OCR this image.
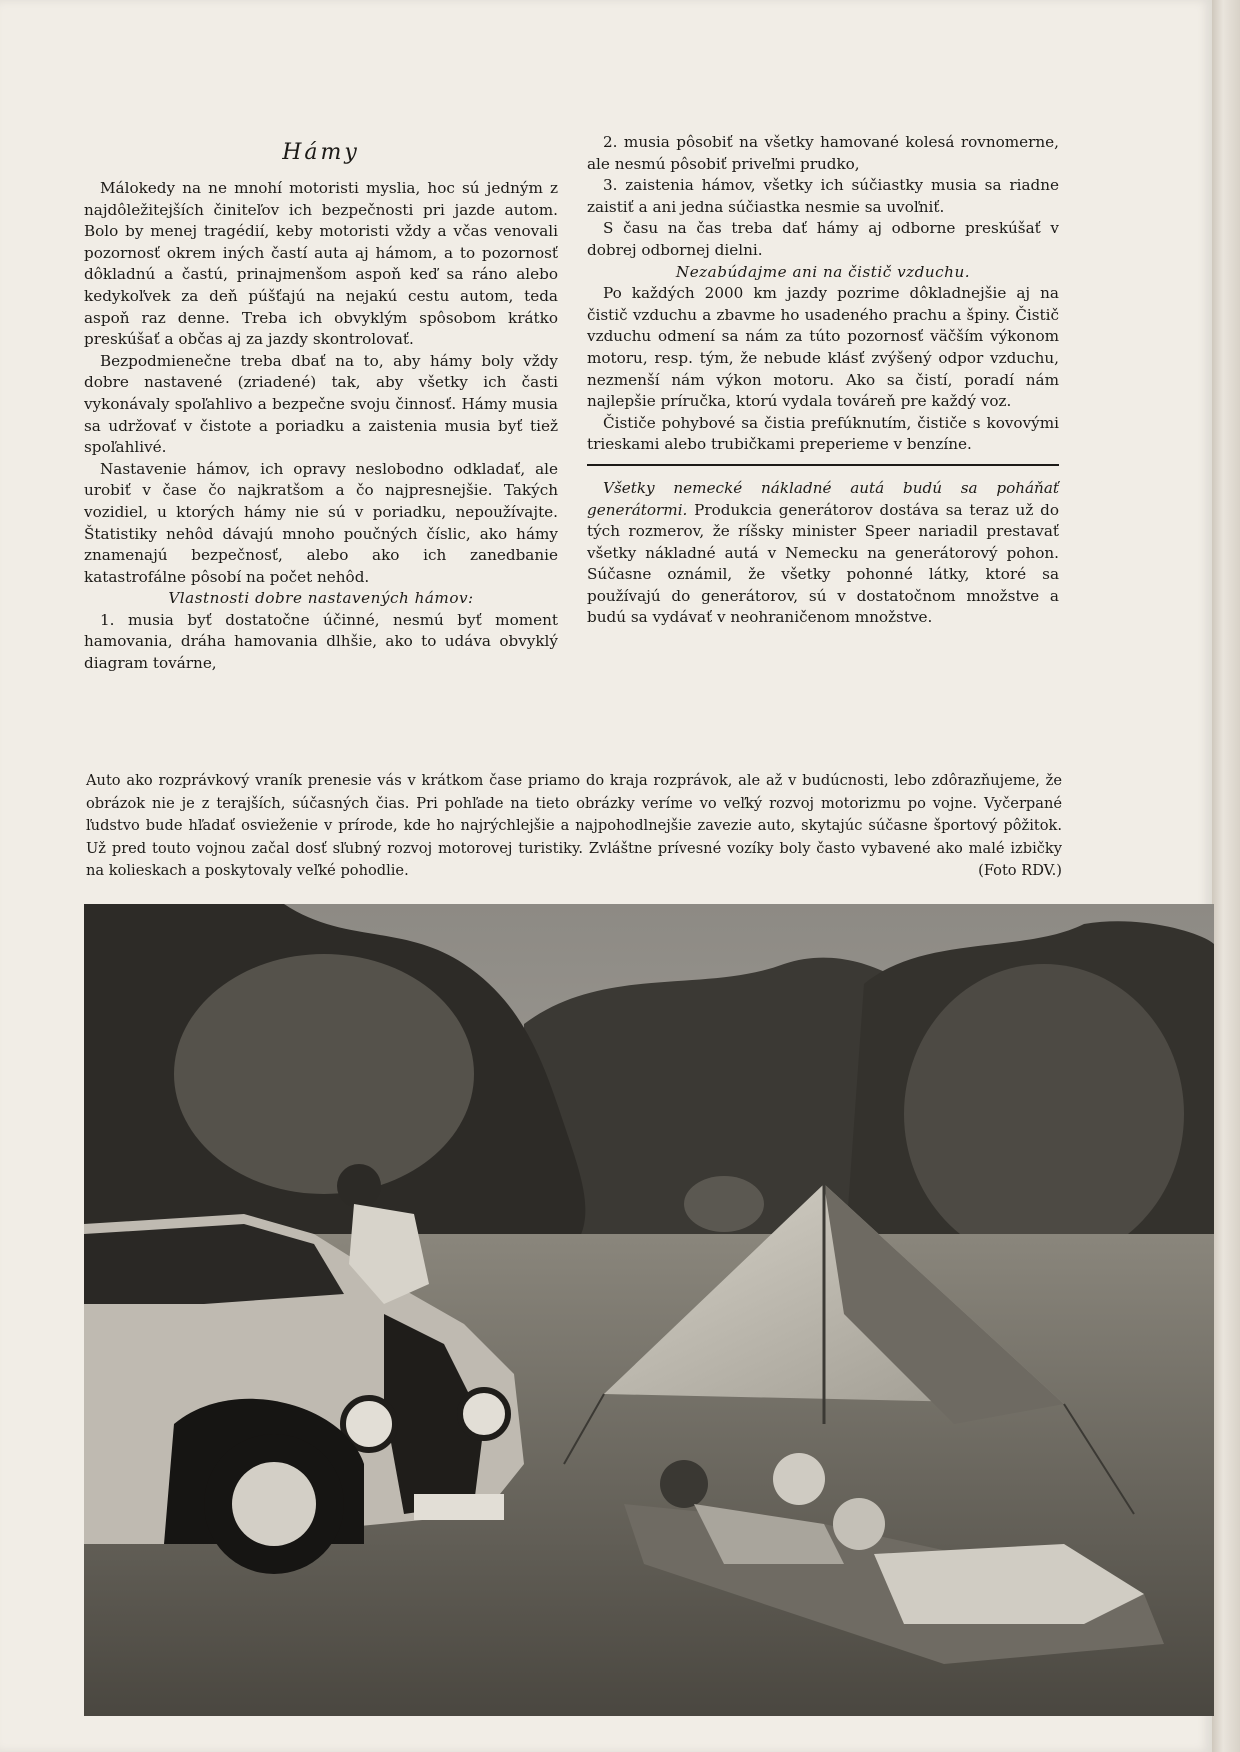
Hámy

Málokedy na ne mnohí motoristi myslia, hoc sú jedným z najdôležitejších činiteľov ich bezpečnosti pri jazde autom. Bolo by menej tragédií, keby motoristi vždy a včas venovali pozornosť okrem iných častí auta aj hámom, a to pozornosť dôkladnú a častú, prinajmenšom aspoň keď sa ráno alebo kedykoľvek za deň púšťajú na nejakú cestu autom, teda aspoň raz denne. Treba ich obvyklým spôsobom krátko preskúšať a občas aj za jazdy skontrolovať.

Bezpodmienečne treba dbať na to, aby hámy boly vždy dobre nastavené (zriadené) tak, aby všetky ich časti vykonávaly spoľahlivo a bezpečne svoju činnosť. Hámy musia sa udržovať v čistote a poriadku a zaistenia musia byť tiež spoľahlivé.

Nastavenie hámov, ich opravy neslobodno odkladať, ale urobiť v čase čo najkratšom a čo najpresnejšie. Takých vozidiel, u ktorých hámy nie sú v poriadku, nepoužívajte. Štatistiky nehôd dávajú mnoho poučných číslic, ako hámy znamenajú bezpečnosť, alebo ako ich zanedbanie katastrofálne pôsobí na počet nehôd.

Vlastnosti dobre nastavených hámov:

1. musia byť dostatočne účinné, nesmú byť moment hamovania, dráha hamovania dlhšie, ako to udáva obvyklý diagram továrne,

2. musia pôsobiť na všetky hamované kolesá rovnomerne, ale nesmú pôsobiť priveľmi prudko,

3. zaistenia hámov, všetky ich súčiastky musia sa riadne zaistiť a ani jedna súčiastka nesmie sa uvoľniť.

S času na čas treba dať hámy aj odborne preskúšať v dobrej odbornej dielni.

Nezabúdajme ani na čistič vzduchu.

Po každých 2000 km jazdy pozrime dôkladnejšie aj na čistič vzduchu a zbavme ho usadeného prachu a špiny. Čistič vzduchu odmení sa nám za túto pozornosť väčším výkonom motoru, resp. tým, že nebude klásť zvýšený odpor vzduchu, nezmenší nám výkon motoru. Ako sa čistí, poradí nám najlepšie príručka, ktorú vydala továreň pre každý voz.

Čističe pohybové sa čistia prefúknutím, čističe s kovovými trieskami alebo trubičkami preperieme v benzíne.

Všetky nemecké nákladné autá budú sa poháňať generátormi. Produkcia generátorov dostáva sa teraz už do tých rozmerov, že ríšsky minister Speer nariadil prestavať všetky nákladné autá v Nemecku na generátorový pohon. Súčasne oznámil, že všetky pohonné látky, ktoré sa používajú do generátorov, sú v dostatočnom množstve a budú sa vydávať v neohraničenom množstve.

Auto ako rozprávkový vraník prenesie vás v krátkom čase priamo do kraja rozprávok, ale až v budúcnosti, lebo zdôrazňujeme, že obrázok nie je z terajších, súčasných čias. Pri pohľade na tieto obrázky veríme vo veľký rozvoj motorizmu po vojne. Vyčerpané ľudstvo bude hľadať osvieženie v prírode, kde ho najrýchlejšie a najpohodlnejšie zavezie auto, skytajúc súčasne športový pôžitok. Už pred touto vojnou začal dosť sľubný rozvoj motorovej turistiky. Zvláštne prívesné vozíky boly často vybavené ako malé izbičky na kolieskach a poskytovaly veľké pohodlie.	(Foto RDV.)
